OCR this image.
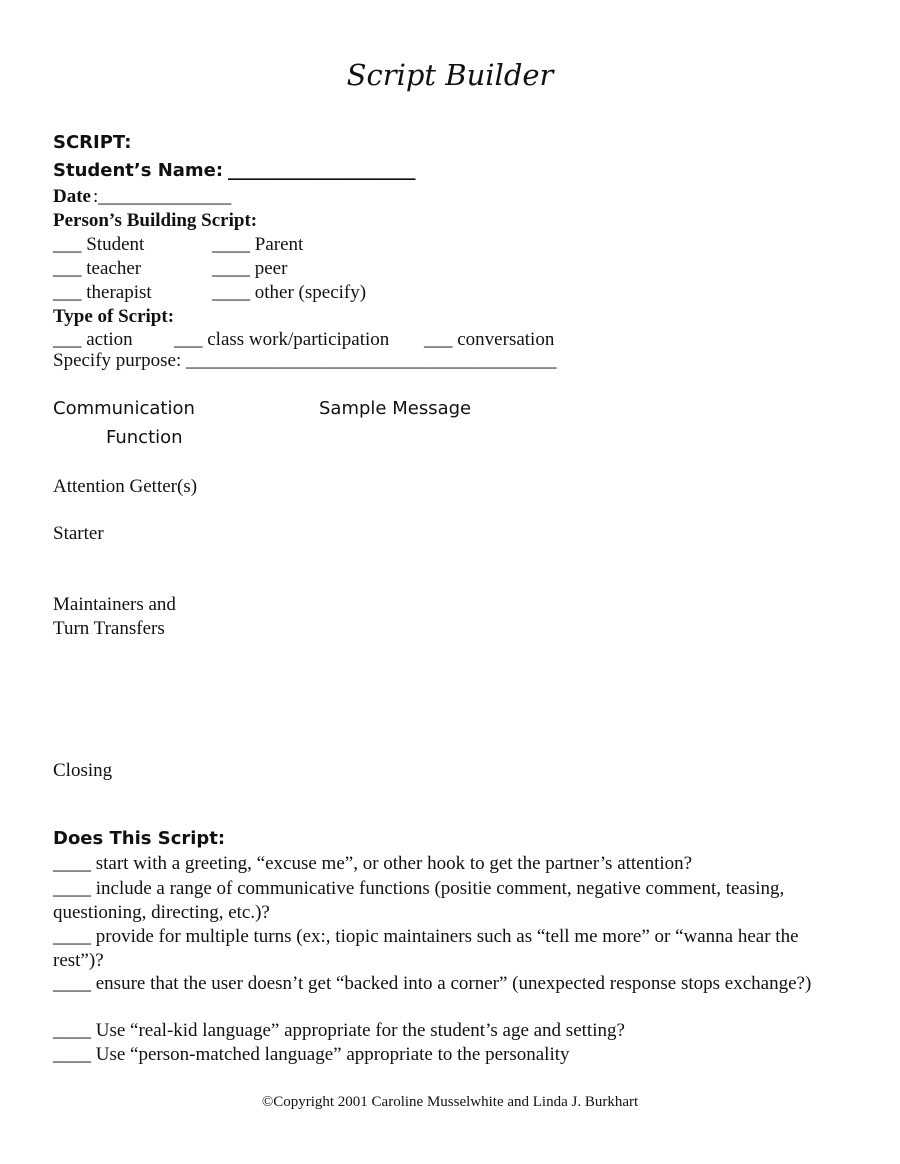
Script Builder
SCRIPT:
Student’s Name: ______________________
Date :______________
Person’s Building Script:
___ Student
___ teacher
___ therapist
____ Parent
____ peer
____ other (specify)
Type of Script:
___ action ___ class work/participation ___ conversation
Specify purpose: _______________________________________
Communication
Function
Sample Message
Attention Getter(s)
Starter
Maintainers and
Turn Transfers
Closing
Does This Script:
____ start with a greeting, “excuse me”, or other hook to get the partner’s attention?
____ include a range of communicative functions (positie comment, negative comment, teasing, questioning, directing, etc.)?
____ provide for multiple turns (ex:, tiopic maintainers such as “tell me more” or “wanna hear the rest”)?
____ ensure that the user doesn’t get “backed into a corner” (unexpected response stops exchange?)
____ Use “real-kid language” appropriate for the student’s age and setting?
____ Use “person-matched language” appropriate to the personality
©Copyright 2001 Caroline Musselwhite and Linda J. Burkhart
